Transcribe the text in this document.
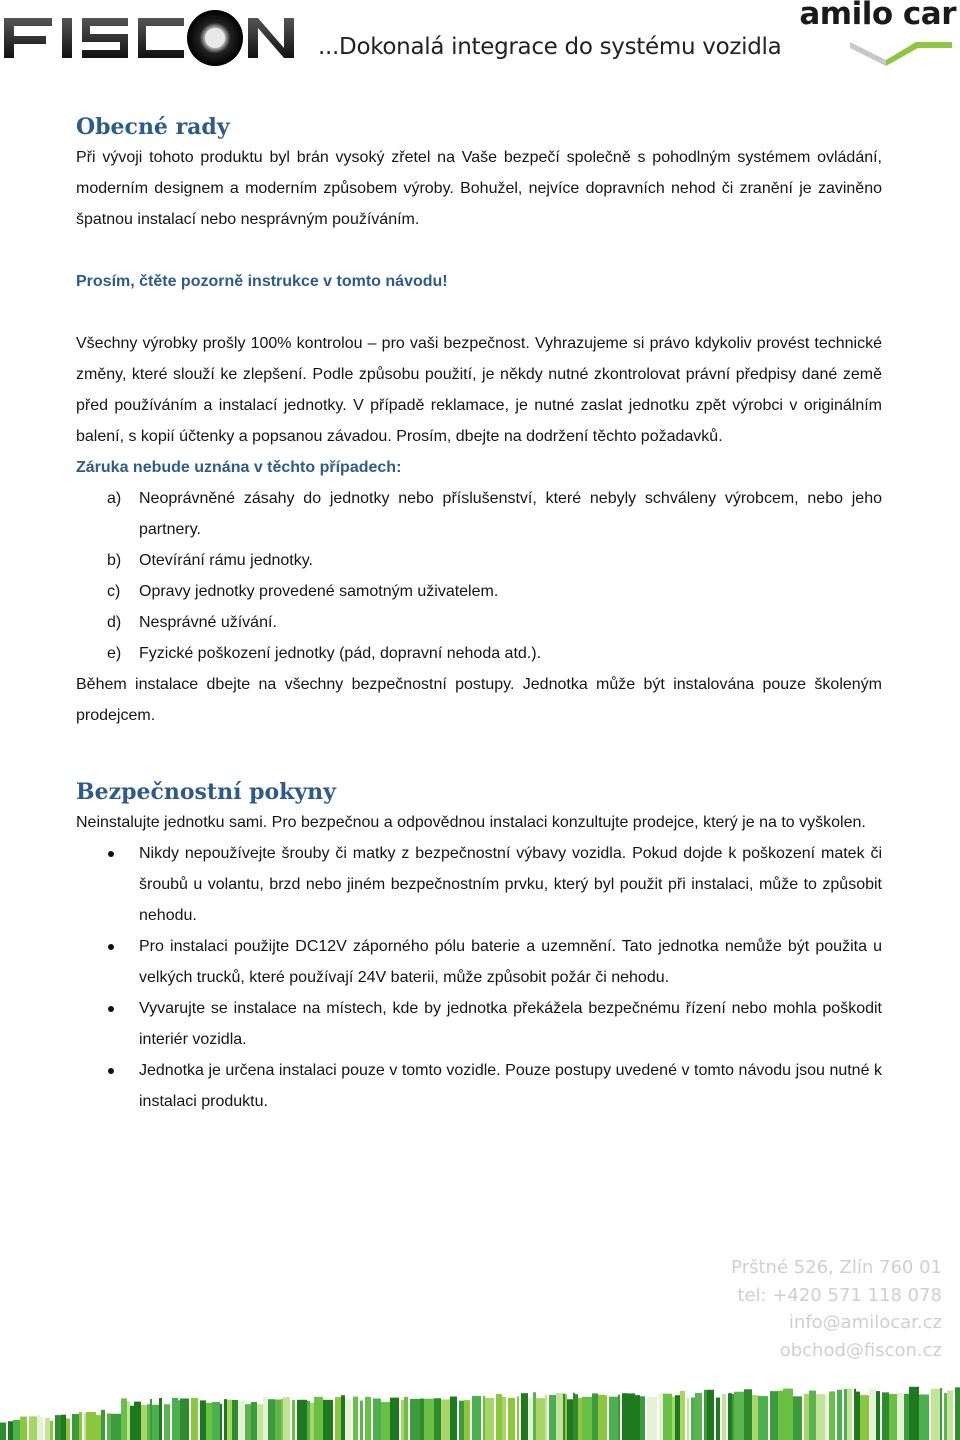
...Dokonalá integrace do systému vozidla
amilo car
Obecné rady

Při vývoji tohoto produktu byl brán vysoký zřetel na Vaše bezpečí společně s pohodlným systémem ovládání, moderním designem a moderním způsobem výroby. Bohužel, nejvíce dopravních nehod či zranění je zaviněno špatnou instalací nebo nesprávným používáním.

Prosím, čtěte pozorně instrukce v tomto návodu!

Všechny výrobky prošly 100% kontrolou – pro vaši bezpečnost. Vyhrazujeme si právo kdykoliv provést technické změny, které slouží ke zlepšení. Podle způsobu použití, je někdy nutné zkontrolovat právní předpisy dané země před používáním a instalací jednotky. V případě reklamace, je nutné zaslat jednotku zpět výrobci v originálním balení, s kopií účtenky a popsanou závadou. Prosím, dbejte na dodržení těchto požadavků.

Záruka nebude uznána v těchto případech:

a) Neoprávněné zásahy do jednotky nebo příslušenství, které nebyly schváleny výrobcem, nebo jeho partnery.
b) Otevírání rámu jednotky.
c) Opravy jednotky provedené samotným uživatelem.
d) Nesprávné užívání.
e) Fyzické poškození jednotky (pád, dopravní nehoda atd.).

Během instalace dbejte na všechny bezpečnostní postupy. Jednotka může být instalována pouze školeným prodejcem.

Bezpečnostní pokyny

Neinstalujte jednotku sami. Pro bezpečnou a odpovědnou instalaci konzultujte prodejce, který je na to vyškolen.

Nikdy nepoužívejte šrouby či matky z bezpečnostní výbavy vozidla. Pokud dojde k poškození matek či šroubů u volantu, brzd nebo jiném bezpečnostním prvku, který byl použit při instalaci, může to způsobit nehodu.
Pro instalaci použijte DC12V záporného pólu baterie a uzemnění. Tato jednotka nemůže být použita u velkých trucků, které používají 24V baterii, může způsobit požár či nehodu.
Vyvarujte se instalace na místech, kde by jednotka překážela bezpečnému řízení nebo mohla poškodit interiér vozidla.
Jednotka je určena instalaci pouze v tomto vozidle. Pouze postupy uvedené v tomto návodu jsou nutné k instalaci produktu.
Prštné 526, Zlín 760 01
tel: +420 571 118 078
info@amilocar.cz
obchod@fiscon.cz
